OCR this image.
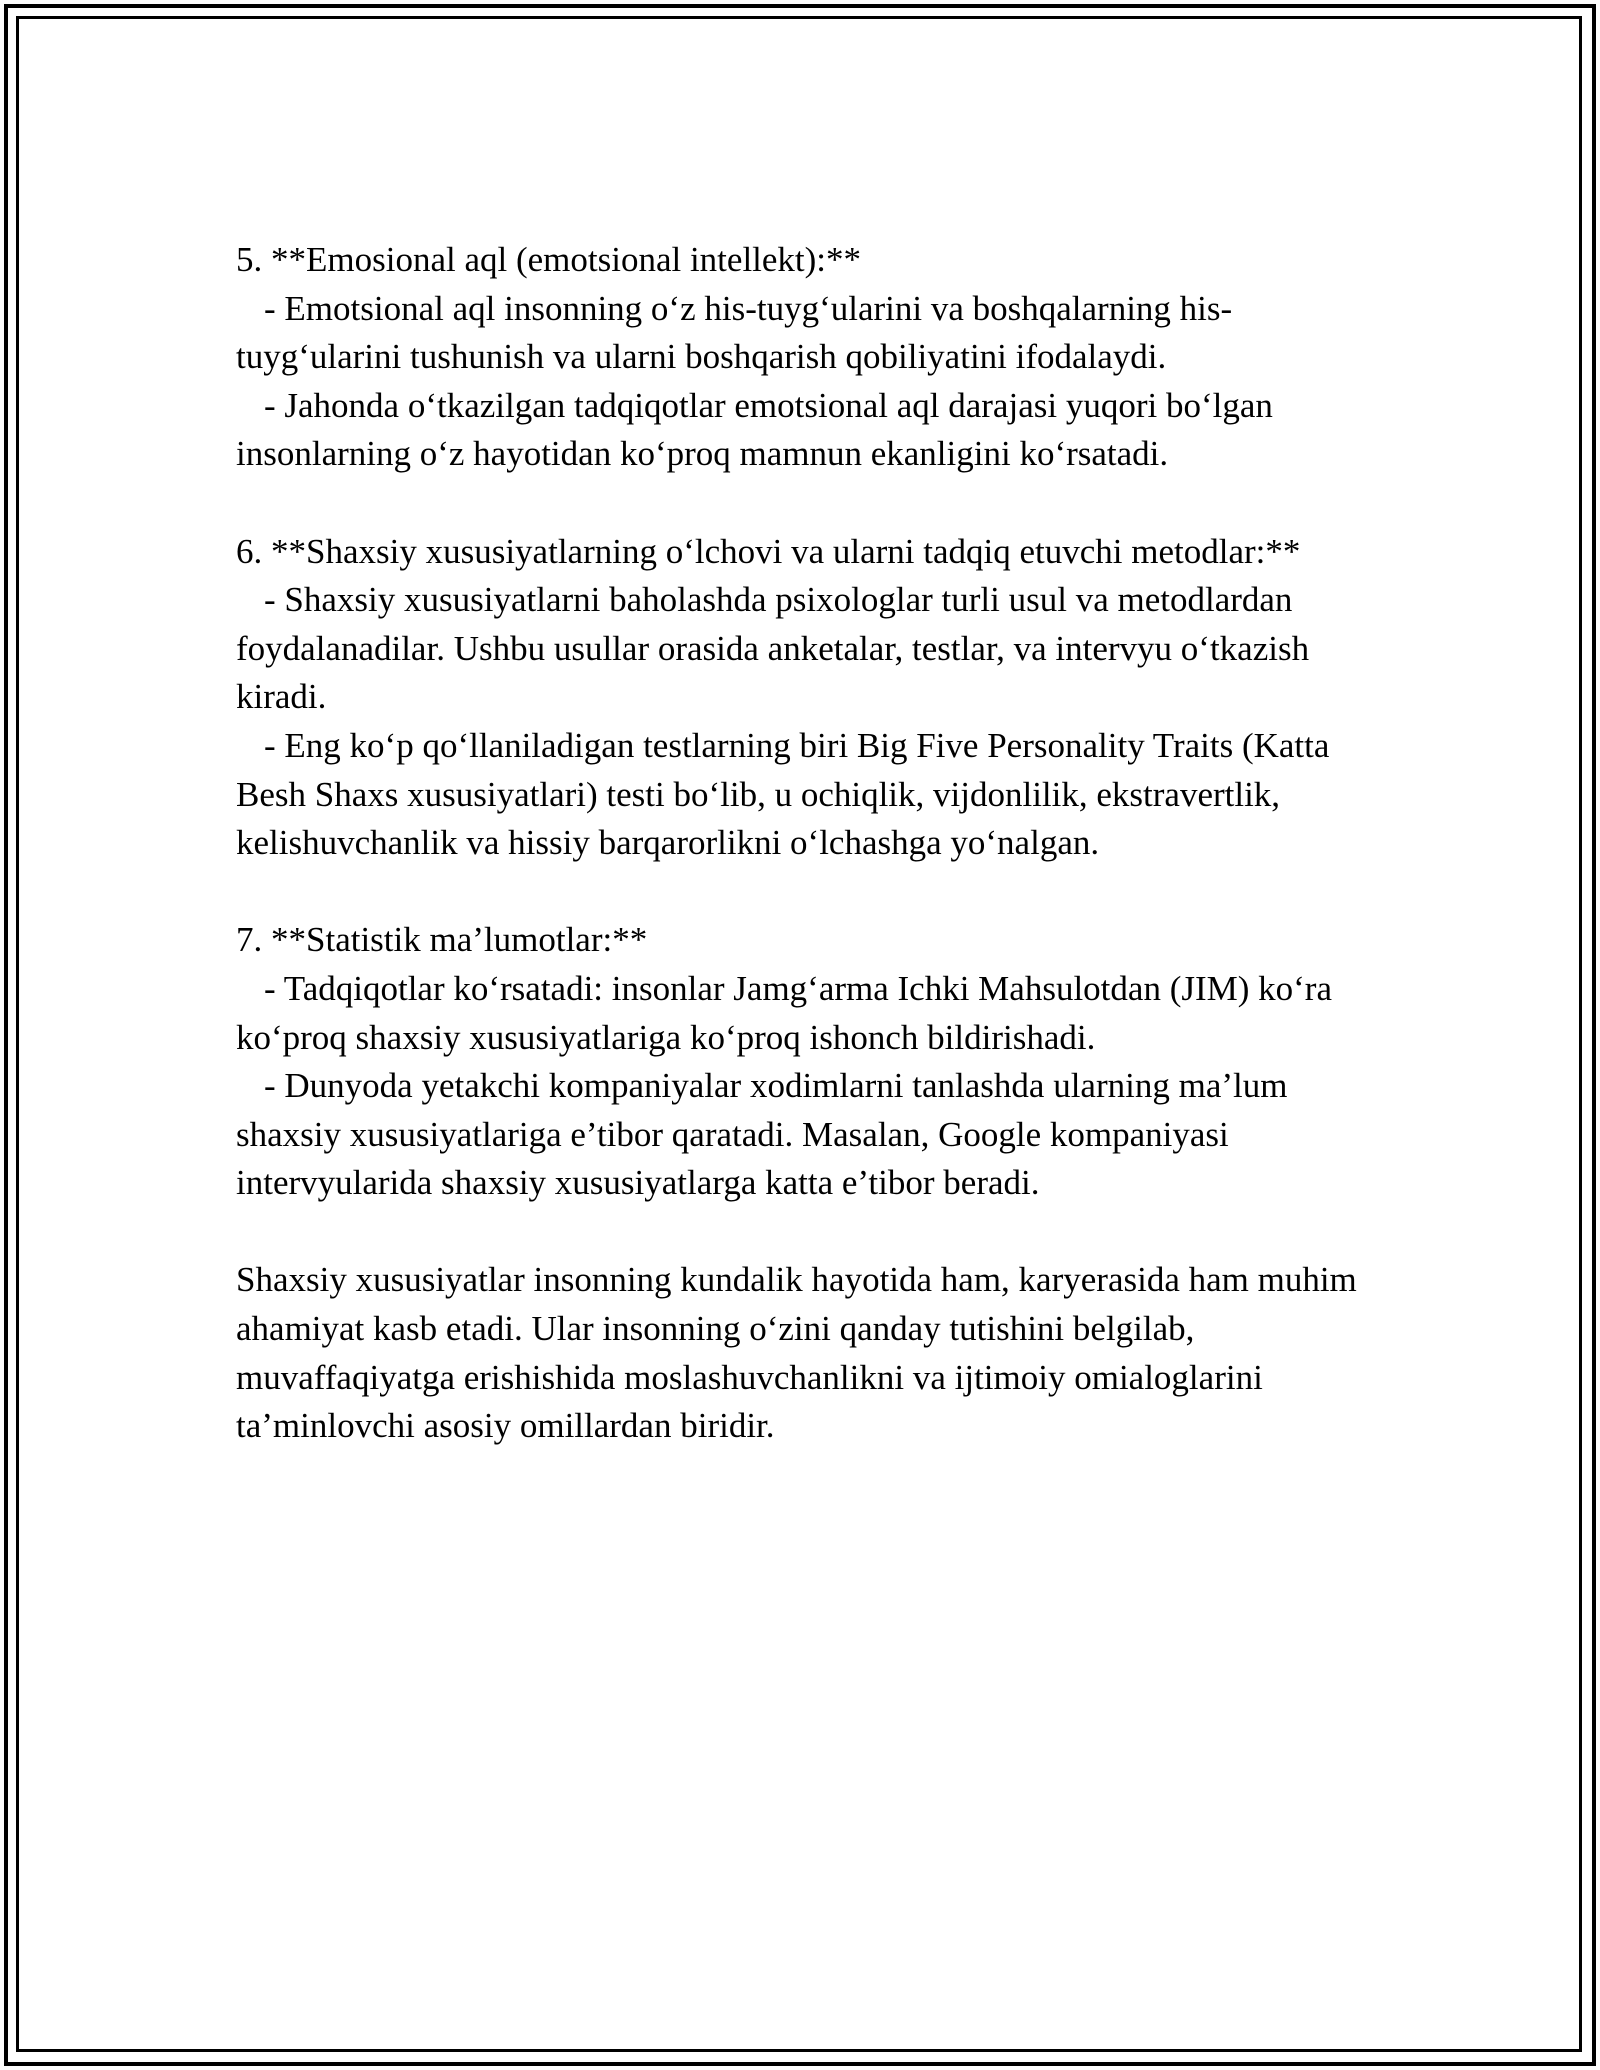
5. **Emosional aql (emotsional intellekt):**

- Emotsional aql insonning o‘z his-tuyg‘ularini va boshqalarning his-tuyg‘ularini tushunish va ularni boshqarish qobiliyatini ifodalaydi.

- Jahonda o‘tkazilgan tadqiqotlar emotsional aql darajasi yuqori bo‘lgan insonlarning o‘z hayotidan ko‘proq mamnun ekanligini ko‘rsatadi.

6. **Shaxsiy xususiyatlarning o‘lchovi va ularni tadqiq etuvchi metodlar:**

- Shaxsiy xususiyatlarni baholashda psixologlar turli usul va metodlardan foydalanadilar. Ushbu usullar orasida anketalar, testlar, va intervyu o‘tkazish kiradi.

- Eng ko‘p qo‘llaniladigan testlarning biri Big Five Personality Traits (Katta Besh Shaxs xususiyatlari) testi bo‘lib, u ochiqlik, vijdonlilik, ekstravertlik, kelishuvchanlik va hissiy barqarorlikni o‘lchashga yo‘nalgan.

7. **Statistik ma’lumotlar:**

- Tadqiqotlar ko‘rsatadi: insonlar Jamg‘arma Ichki Mahsulotdan (JIM) ko‘ra ko‘proq shaxsiy xususiyatlariga ko‘proq ishonch bildirishadi.

- Dunyoda yetakchi kompaniyalar xodimlarni tanlashda ularning ma’lum shaxsiy xususiyatlariga e’tibor qaratadi. Masalan, Google kompaniyasi intervyularida shaxsiy xususiyatlarga katta e’tibor beradi.

Shaxsiy xususiyatlar insonning kundalik hayotida ham, karyerasida ham muhim ahamiyat kasb etadi. Ular insonning o‘zini qanday tutishini belgilab, muvaffaqiyatga erishishida moslashuvchanlikni va ijtimoiy omialoglarini ta’minlovchi asosiy omillardan biridir.
